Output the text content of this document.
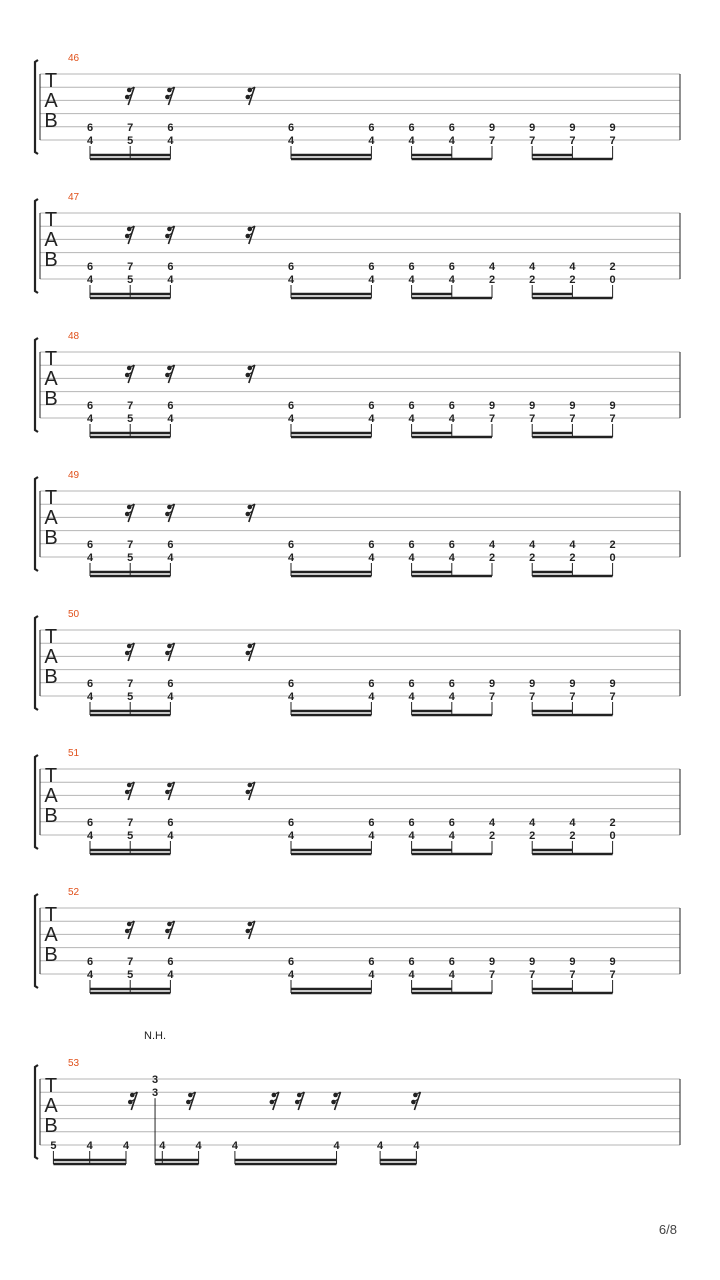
T
A
B
46
6
4
7
5
6
4
6
4
6
4
6
4
6
4
9
7
9
7
9
7
9
7
T
A
B
47
6
4
7
5
6
4
6
4
6
4
6
4
6
4
4
2
4
2
4
2
2
0
T
A
B
48
6
4
7
5
6
4
6
4
6
4
6
4
6
4
9
7
9
7
9
7
9
7
T
A
B
49
6
4
7
5
6
4
6
4
6
4
6
4
6
4
4
2
4
2
4
2
2
0
T
A
B
50
6
4
7
5
6
4
6
4
6
4
6
4
6
4
9
7
9
7
9
7
9
7
T
A
B
51
6
4
7
5
6
4
6
4
6
4
6
4
6
4
4
2
4
2
4
2
2
0
T
A
B
52
6
4
7
5
6
4
6
4
6
4
6
4
6
4
9
7
9
7
9
7
9
7
T
A
B
53
N.H.
3
3
5	4	4	4	4	4	4	4	4
6/8
